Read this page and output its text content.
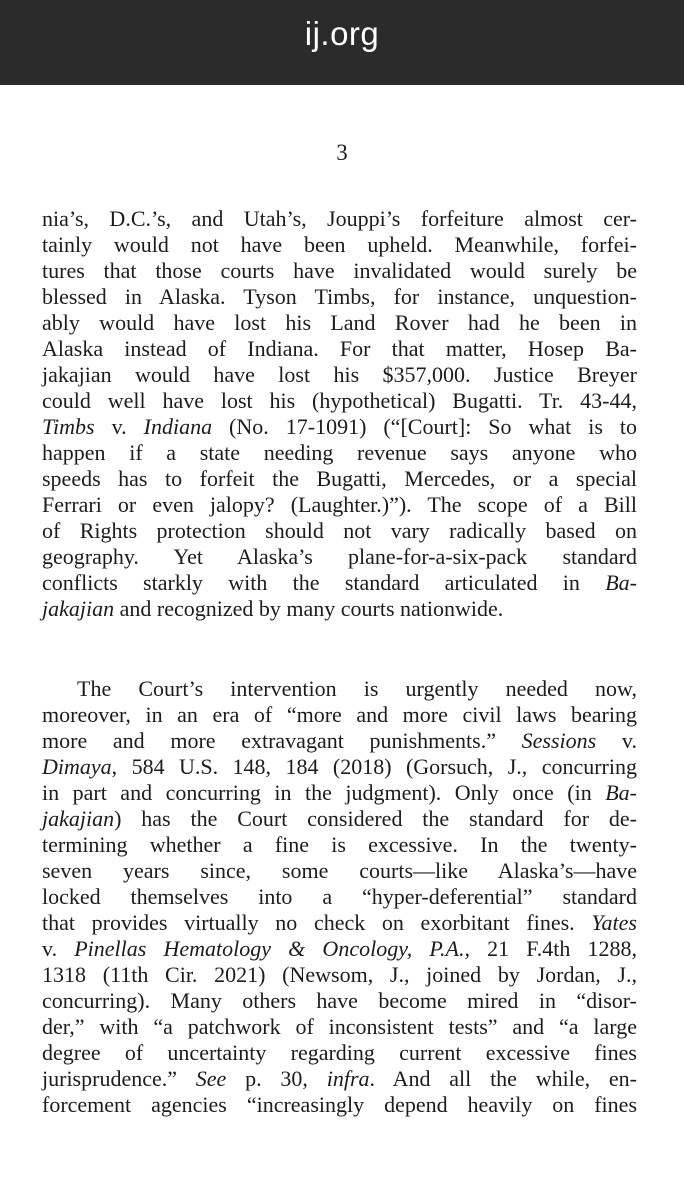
ij.org
3
nia’s, D.C.’s, and Utah’s, Jouppi’s forfeiture almost cer-
tainly would not have been upheld. Meanwhile, forfei-
tures that those courts have invalidated would surely be
blessed in Alaska. Tyson Timbs, for instance, unquestion-
ably would have lost his Land Rover had he been in
Alaska instead of Indiana. For that matter, Hosep Ba-
jakajian would have lost his $357,000. Justice Breyer
could well have lost his (hypothetical) Bugatti. Tr. 43-44,
Timbs v. Indiana (No. 17-1091) (“[Court]: So what is to
happen if a state needing revenue says anyone who
speeds has to forfeit the Bugatti, Mercedes, or a special
Ferrari or even jalopy? (Laughter.)”). The scope of a Bill
of Rights protection should not vary radically based on
geography. Yet Alaska’s plane-for-a-six-pack standard
conflicts starkly with the standard articulated in Ba-
jakajian and recognized by many courts nationwide.
The Court’s intervention is urgently needed now,
moreover, in an era of “more and more civil laws bearing
more and more extravagant punishments.” Sessions v.
Dimaya, 584 U.S. 148, 184 (2018) (Gorsuch, J., concurring
in part and concurring in the judgment). Only once (in Ba-
jakajian) has the Court considered the standard for de-
termining whether a fine is excessive. In the twenty-
seven years since, some courts—like Alaska’s—have
locked themselves into a “hyper-deferential” standard
that provides virtually no check on exorbitant fines. Yates
v. Pinellas Hematology & Oncology, P.A., 21 F.4th 1288,
1318 (11th Cir. 2021) (Newsom, J., joined by Jordan, J.,
concurring). Many others have become mired in “disor-
der,” with “a patchwork of inconsistent tests” and “a large
degree of uncertainty regarding current excessive fines
jurisprudence.” See p. 30, infra. And all the while, en-
forcement agencies “increasingly depend heavily on fines
